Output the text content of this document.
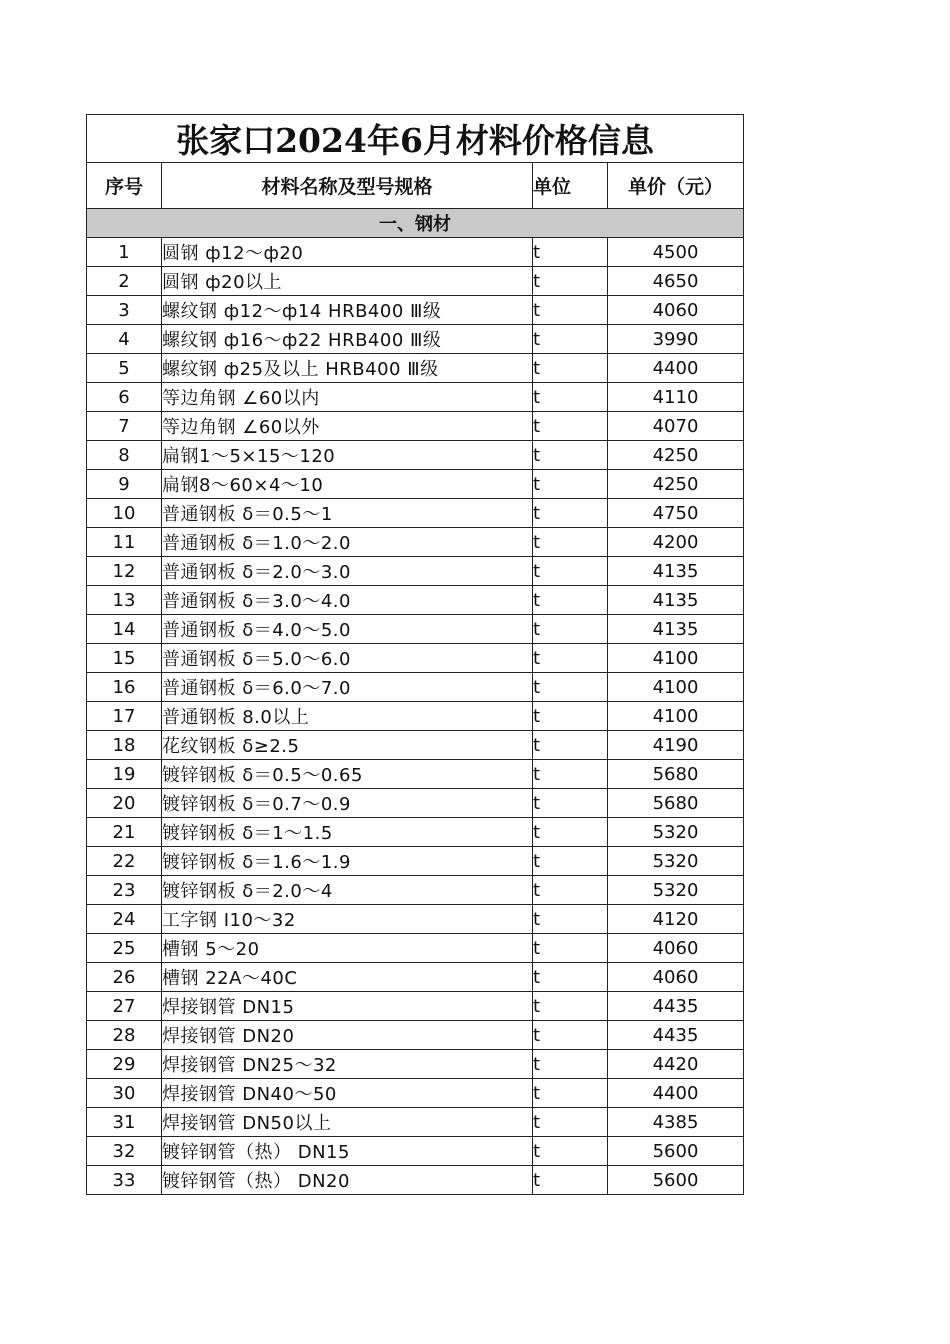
张家口2024年6月材料价格信息			
序号	材料名称及型号规格	单位	单价（元）
一、钢材			
1	圆钢 ф12～ф20	t	4500
2	圆钢 ф20以上	t	4650
3	螺纹钢 ф12～ф14 HRB400 Ⅲ级	t	4060
4	螺纹钢 ф16～ф22 HRB400 Ⅲ级	t	3990
5	螺纹钢 ф25及以上 HRB400 Ⅲ级	t	4400
6	等边角钢 ∠60以内	t	4110
7	等边角钢 ∠60以外	t	4070
8	扁钢1～5×15～120	t	4250
9	扁钢8～60×4～10	t	4250
10	普通钢板 δ＝0.5～1	t	4750
11	普通钢板 δ＝1.0～2.0	t	4200
12	普通钢板 δ＝2.0～3.0	t	4135
13	普通钢板 δ＝3.0～4.0	t	4135
14	普通钢板 δ＝4.0～5.0	t	4135
15	普通钢板 δ＝5.0～6.0	t	4100
16	普通钢板 δ＝6.0～7.0	t	4100
17	普通钢板 8.0以上	t	4100
18	花纹钢板 δ≥2.5	t	4190
19	镀锌钢板 δ＝0.5～0.65	t	5680
20	镀锌钢板 δ＝0.7～0.9	t	5680
21	镀锌钢板 δ＝1～1.5	t	5320
22	镀锌钢板 δ＝1.6～1.9	t	5320
23	镀锌钢板 δ＝2.0～4	t	5320
24	工字钢 Ⅰ10～32	t	4120
25	槽钢 5～20	t	4060
26	槽钢 22A～40C	t	4060
27	焊接钢管 DN15	t	4435
28	焊接钢管 DN20	t	4435
29	焊接钢管 DN25～32	t	4420
30	焊接钢管 DN40～50	t	4400
31	焊接钢管 DN50以上	t	4385
32	镀锌钢管（热） DN15	t	5600
33	镀锌钢管（热） DN20	t	5600
